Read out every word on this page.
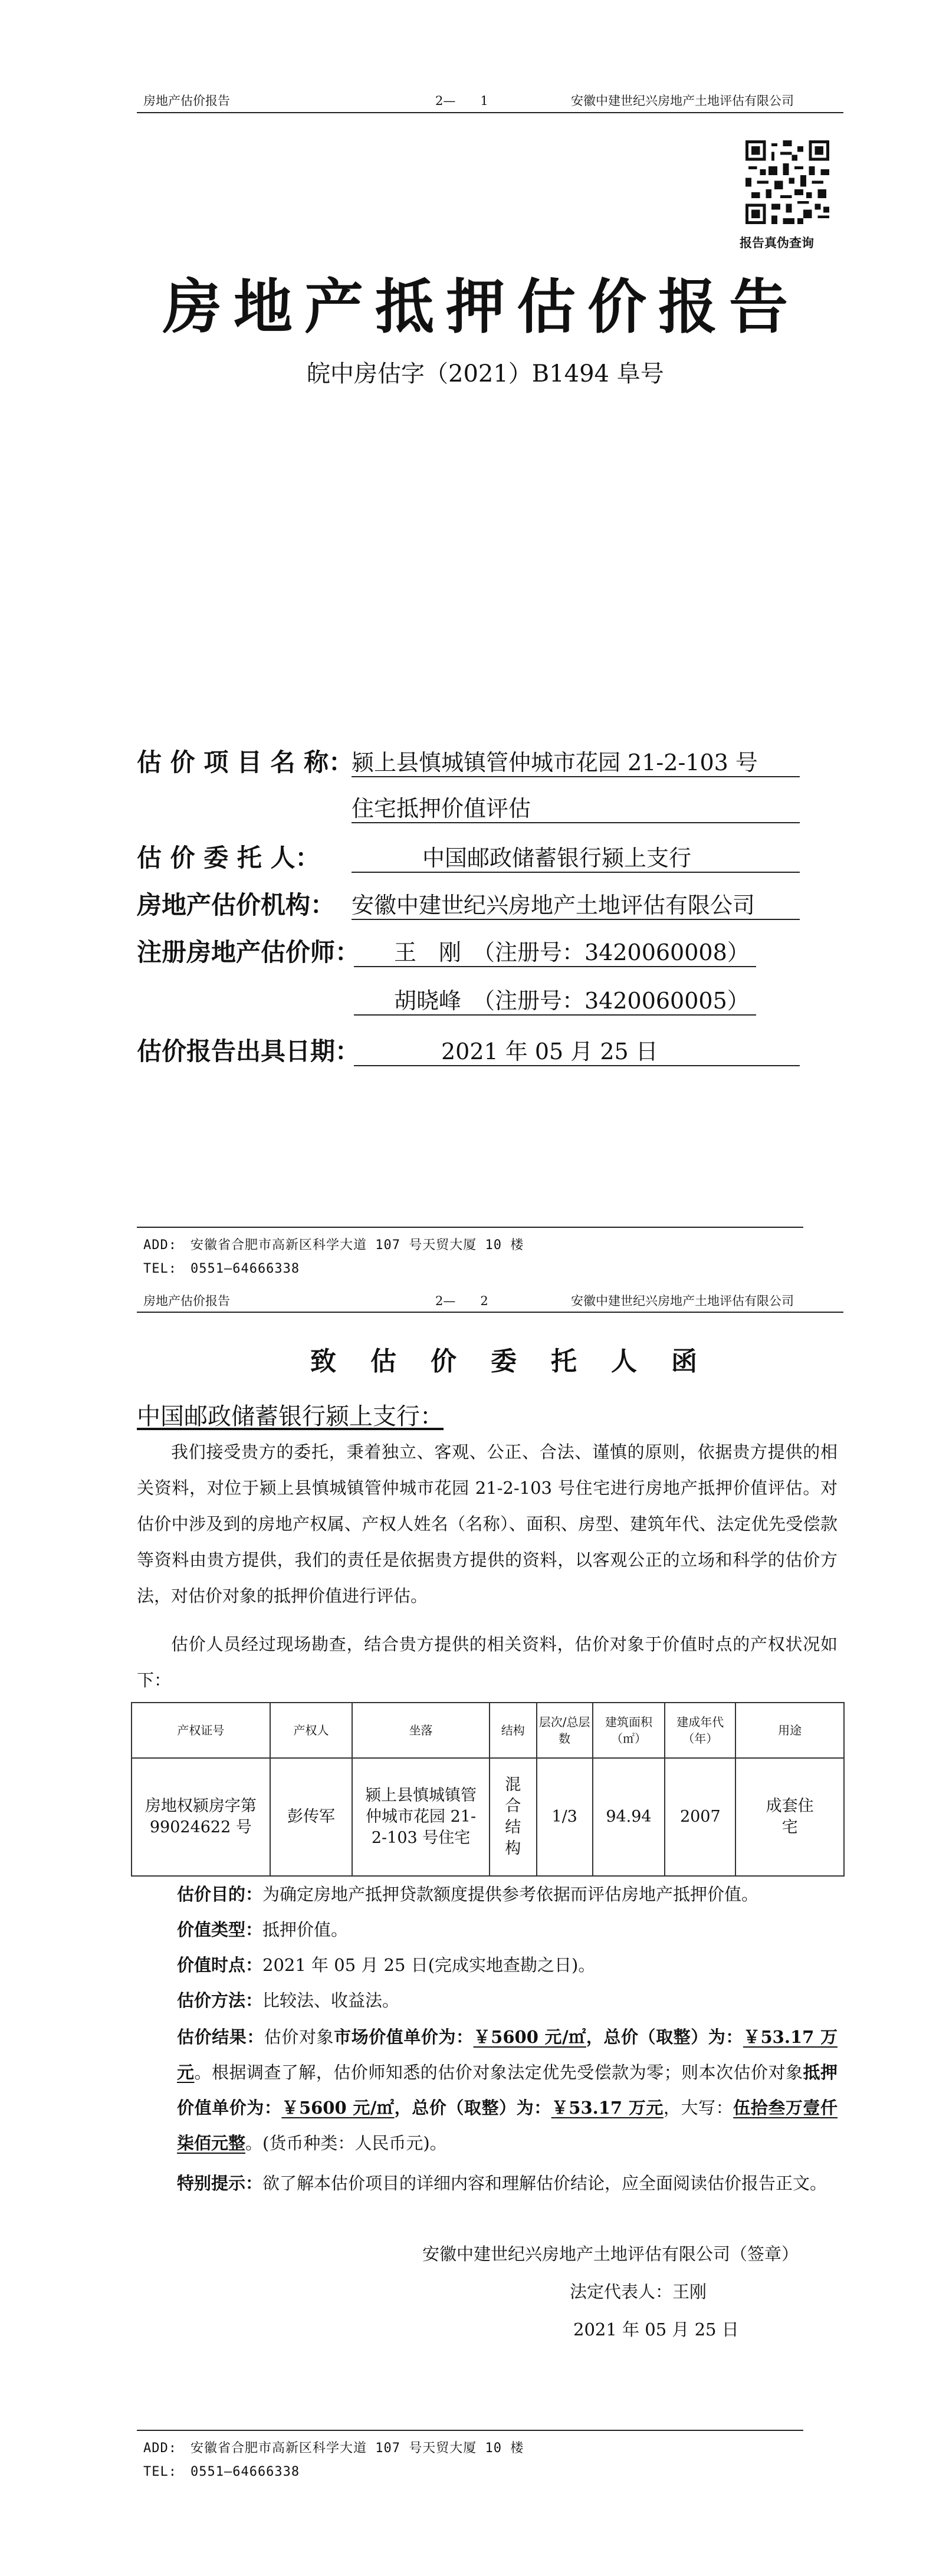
房地产估价报告	2—　　1	安徽中建世纪兴房地产土地评估有限公司
报告真伪查询
房地产抵押估价报告
皖中房估字（2021）B1494 阜号
估 价 项 目 名 称：
颍上县慎城镇管仲城市花园 21-2-103 号
住宅抵押价值评估
估 价 委 托 人：	中国邮政储蓄银行颍上支行
房地产估价机构： 安徽中建世纪兴房地产土地评估有限公司
注册房地产估价师： 王　刚　（注册号：3420060008）
胡晓峰　（注册号：3420060005）
估价报告出具日期：	2021 年 05 月 25 日
ADD:　安徽省合肥市高新区科学大道 107 号天贸大厦 10 楼
TEL:　0551—64666338
房地产估价报告	2—　　2	安徽中建世纪兴房地产土地评估有限公司
致估价委托人函
中国邮政储蓄银行颍上支行：
我们接受贵方的委托，秉着独立、客观、公正、合法、谨慎的原则，依据贵方提供的相关资料，对位于颍上县慎城镇管仲城市花园 21-2-103 号住宅进行房地产抵押价值评估。对估价中涉及到的房地产权属、产权人姓名（名称）、面积、房型、建筑年代、法定优先受偿款等资料由贵方提供，我们的责任是依据贵方提供的资料，以客观公正的立场和科学的估价方法，对估价对象的抵押价值进行评估。
估价人员经过现场勘查，结合贵方提供的相关资料，估价对象于价值时点的产权状况如下：
产权证号	产权人	坐落	结构	层次/总层数	建筑面积（㎡）	建成年代（年）	用途
房地权颍房字第 99024622 号	彭传军	颍上县慎城镇管仲城市花园 21-2-103 号住宅	混合结构	1/3	94.94	2007	成套住宅
估价目的：为确定房地产抵押贷款额度提供参考依据而评估房地产抵押价值。
价值类型：抵押价值。
价值时点：2021 年 05 月 25 日(完成实地查勘之日)。
估价方法：比较法、收益法。
估价结果：估价对象市场价值单价为：￥5600 元/㎡，总价（取整）为：￥53.17 万元。根据调查了解，估价师知悉的估价对象法定优先受偿款为零；则本次估价对象抵押价值单价为：￥5600 元/㎡，总价（取整）为：￥53.17 万元，大写：伍拾叁万壹仟柒佰元整。(货币种类：人民币元)。
特别提示：欲了解本估价项目的详细内容和理解估价结论，应全面阅读估价报告正文。
安徽中建世纪兴房地产土地评估有限公司（签章）
法定代表人：王刚
2021 年 05 月 25 日
ADD:　安徽省合肥市高新区科学大道 107 号天贸大厦 10 楼
TEL:　0551—64666338
